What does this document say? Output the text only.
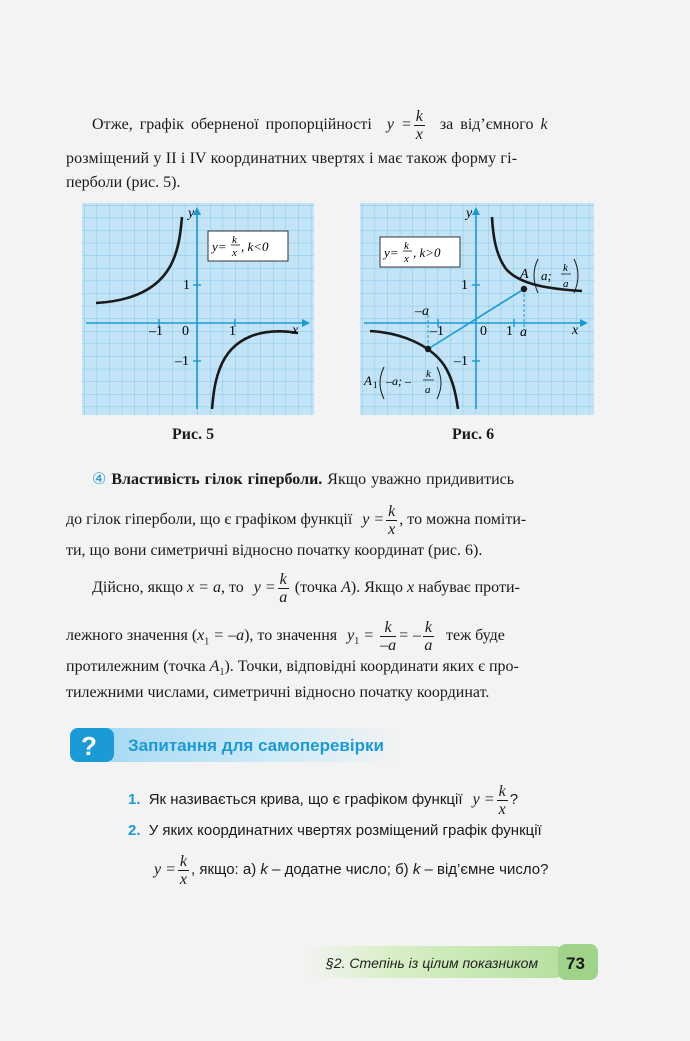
Отже, графік оберненої пропорційності $y = \frac{k}{x}$ за від’ємного k
розміщений у ІІ і ІV координатних чвертях і має також форму гі-
перболи (рис. 5).
y
x
1
–1 0
1
–1
y= k
x , k<0
Рис. 5
y
x
1
–1	0
1
–1
a
–a
y= k
x , k>0
A a; k
a
A 1 –a; – k
a
Рис. 6
④ Властивість гілок гіперболи. Якщо уважно придивитись
до гілок гіперболи, що є графіком функції $y = \frac{k}{x}$ , то можна поміти-
ти, що вони симетричні відносно початку координат (рис. 6).
Дійсно, якщо x = a, то $y = \frac{k}{a}$ (точка A). Якщо x набуває проти-
лежного значення $(x_1 = -a)$, то значення $y_1 = \frac{k}{-a}$ = – $\frac{k}{a}$ теж буде
протилежним (точка $A_1$). Точки, відповідні координати яких є про-
тилежними числами, симетричні відносно початку координат.
? Запитання для самоперевірки
1. Як називається крива, що є графіком функції $y = \frac{k}{x}$ ?
2. У яких координатних чвертях розміщений графік функції
$y = \frac{k}{x}$ , якщо: а) k – додатне число; б) k – від’ємне число?
§2. Степінь із цілим показником 73
